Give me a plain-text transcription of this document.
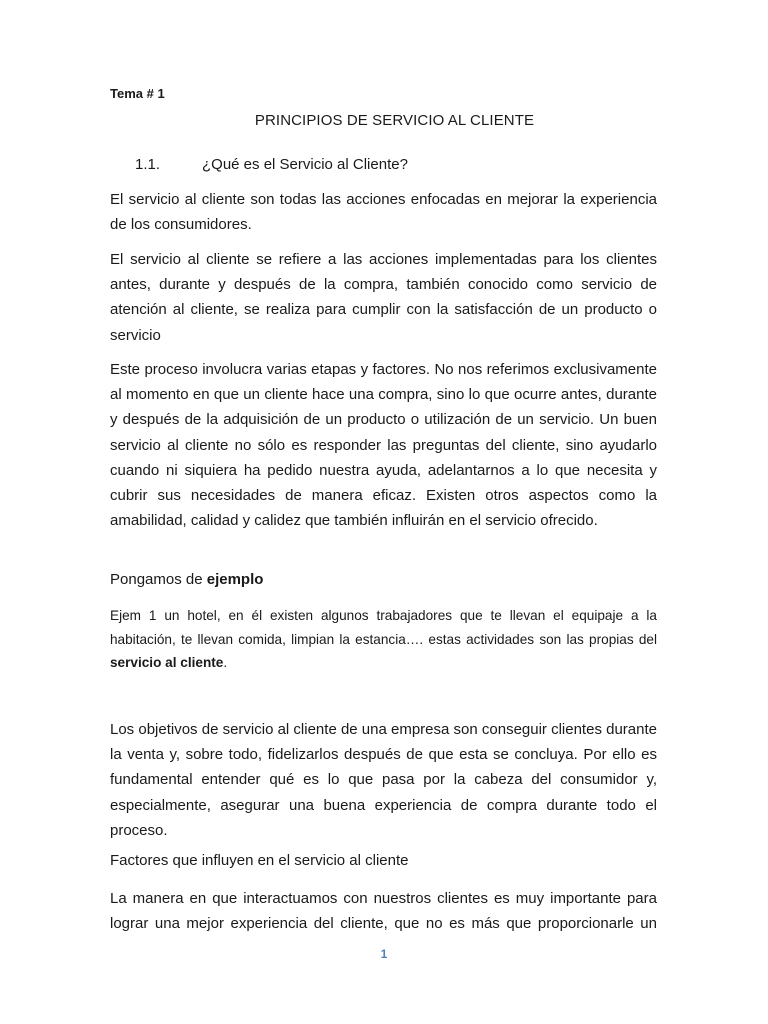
Tema # 1
PRINCIPIOS DE SERVICIO AL CLIENTE
1.1.	¿Qué es el Servicio al Cliente?
El servicio al cliente son todas las acciones enfocadas en mejorar la experiencia de los consumidores.
El servicio al cliente se refiere a las acciones implementadas para los clientes antes, durante y después de la compra, también conocido como servicio de atención al cliente, se realiza para cumplir con la satisfacción de un producto o servicio
Este proceso involucra varias etapas y factores. No nos referimos exclusivamente al momento en que un cliente hace una compra, sino lo que ocurre antes, durante y después de la adquisición de un producto o utilización de un servicio. Un buen servicio al cliente no sólo es responder las preguntas del cliente, sino ayudarlo cuando ni siquiera ha pedido nuestra ayuda, adelantarnos a lo que necesita y cubrir sus necesidades de manera eficaz. Existen otros aspectos como la amabilidad, calidad y calidez que también influirán en el servicio ofrecido.
Pongamos de ejemplo
Ejem 1 un hotel, en él existen algunos trabajadores que te llevan el equipaje a la habitación, te llevan comida, limpian la estancia…. estas actividades son las propias del servicio al cliente.
Los objetivos de servicio al cliente de una empresa son conseguir clientes durante la venta y, sobre todo, fidelizarlos después de que esta se concluya. Por ello es fundamental entender qué es lo que pasa por la cabeza del consumidor y, especialmente, asegurar una buena experiencia de compra durante todo el proceso.
Factores que influyen en el servicio al cliente
La manera en que interactuamos con nuestros clientes es muy importante para lograr una mejor experiencia del cliente, que no es más que proporcionarle un
1
